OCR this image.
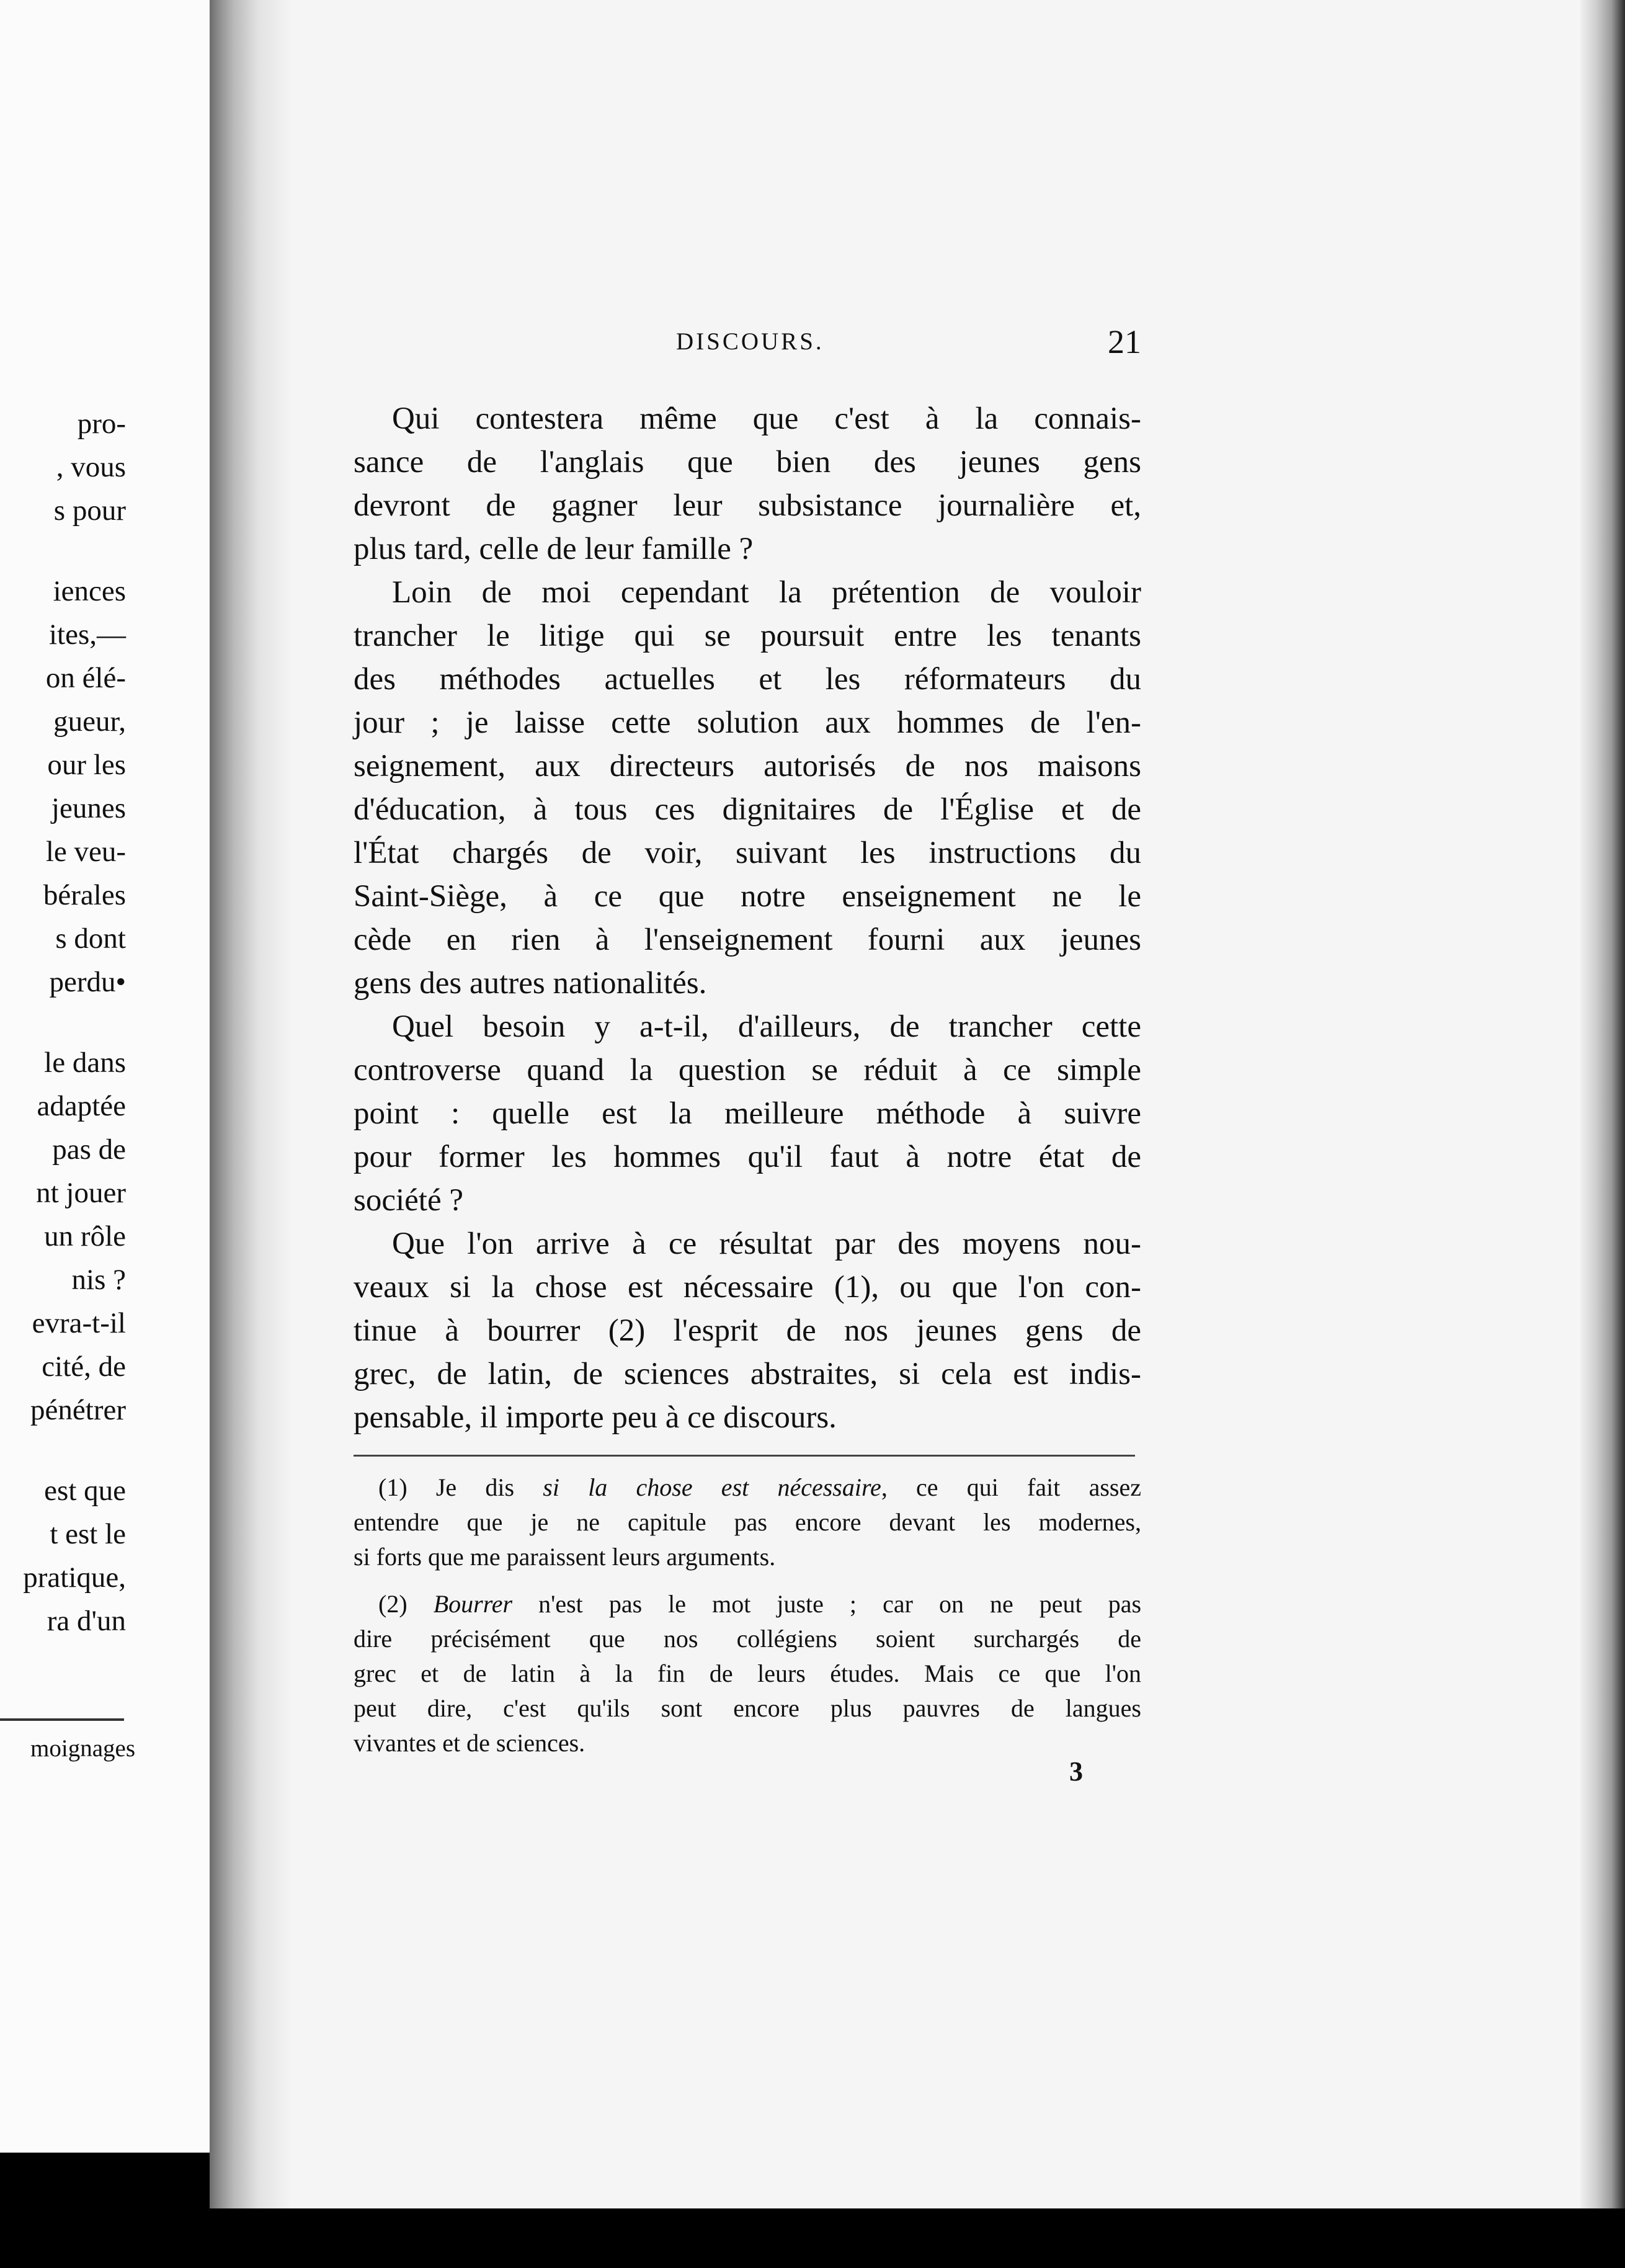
pro-
, vous
s pour
iences
ites,—
on élé-
gueur,
our les
jeunes
le veu-
bérales
s dont
perdu•
le dans
adaptée
pas de
nt jouer
un rôle
nis ?
evra-t-il
cité, de
pénétrer
est que
t est le
pratique,
ra d'un
moignages
DISCOURS.	21
Qui contestera même que c'est à la connais-
sance de l'anglais que bien des jeunes gens
devront de gagner leur subsistance journalière et,
plus tard, celle de leur famille ?
Loin de moi cependant la prétention de vouloir
trancher le litige qui se poursuit entre les tenants
des méthodes actuelles et les réformateurs du
jour ; je laisse cette solution aux hommes de l'en-
seignement, aux directeurs autorisés de nos maisons
d'éducation, à tous ces dignitaires de l'Église et de
l'État chargés de voir, suivant les instructions du
Saint-Siège, à ce que notre enseignement ne le
cède en rien à l'enseignement fourni aux jeunes
gens des autres nationalités.
Quel besoin y a-t-il, d'ailleurs, de trancher cette
controverse quand la question se réduit à ce simple
point : quelle est la meilleure méthode à suivre
pour former les hommes qu'il faut à notre état de
société ?
Que l'on arrive à ce résultat par des moyens nou-
veaux si la chose est nécessaire (1), ou que l'on con-
tinue à bourrer (2) l'esprit de nos jeunes gens de
grec, de latin, de sciences abstraites, si cela est indis-
pensable, il importe peu à ce discours.
(1) Je dis si la chose est nécessaire, ce qui fait assez
entendre que je ne capitule pas encore devant les modernes,
si forts que me paraissent leurs arguments.
(2) Bourrer n'est pas le mot juste ; car on ne peut pas
dire précisément que nos collégiens soient surchargés de
grec et de latin à la fin de leurs études. Mais ce que l'on
peut dire, c'est qu'ils sont encore plus pauvres de langues
vivantes et de sciences.
3
